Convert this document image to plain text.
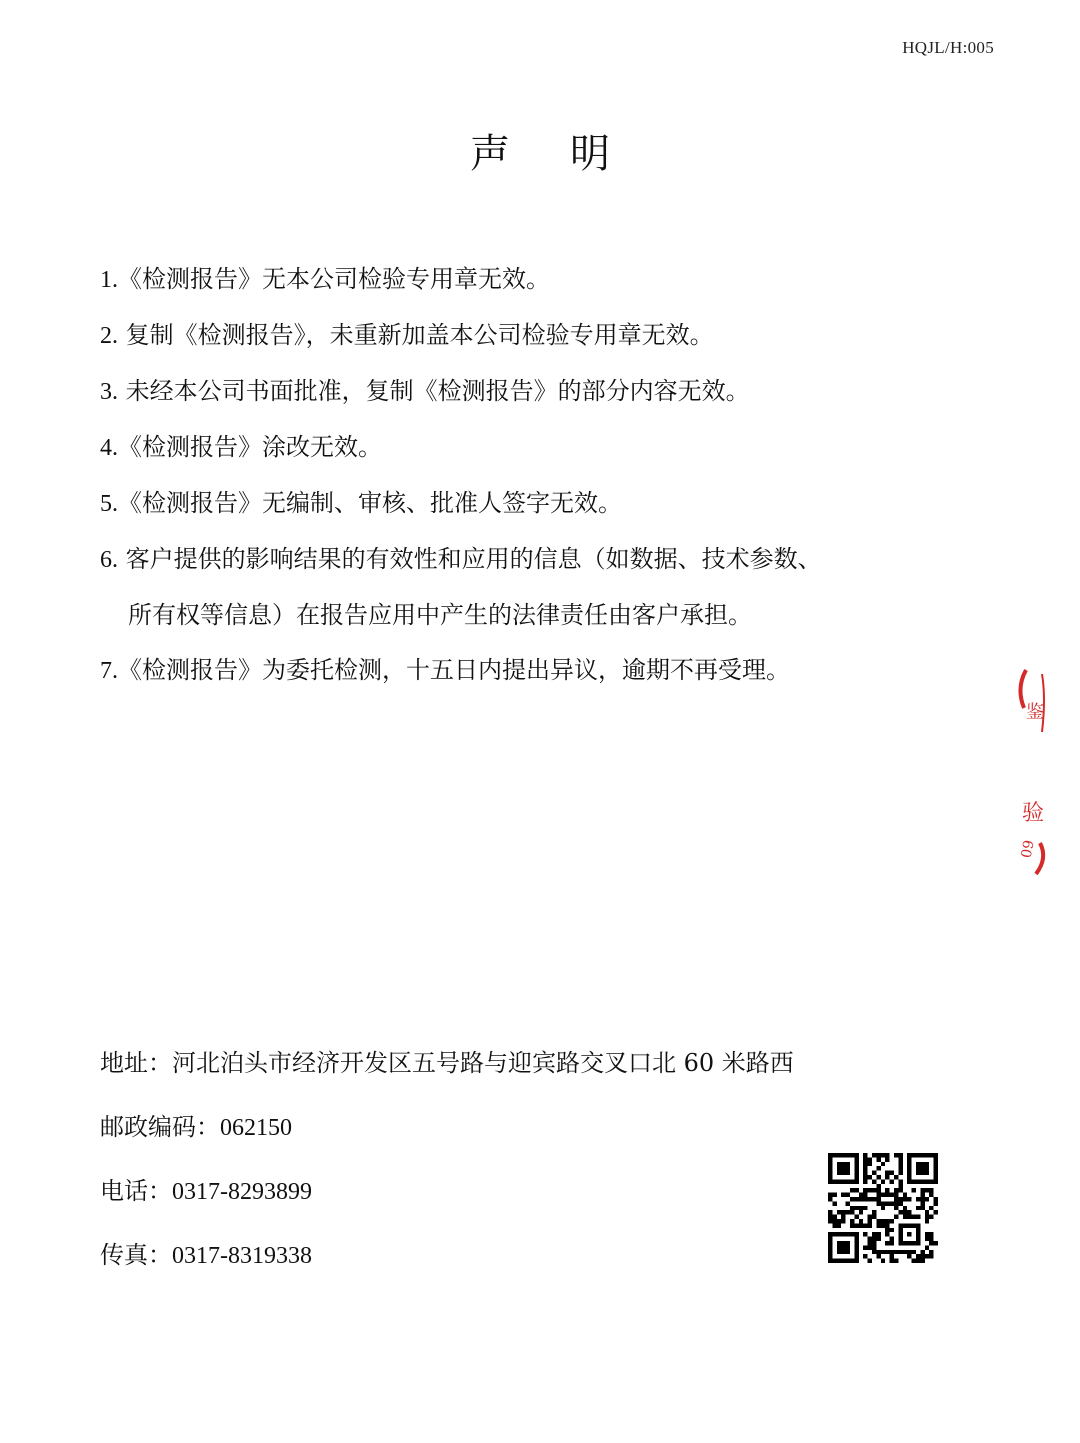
HQJL/H:005
声明
1.《检测报告》无本公司检验专用章无效。
2. 复制《检测报告》，未重新加盖本公司检验专用章无效。
3. 未经本公司书面批准，复制《检测报告》的部分内容无效。
4.《检测报告》涂改无效。
5.《检测报告》无编制、审核、批准人签字无效。
6. 客户提供的影响结果的有效性和应用的信息（如数据、技术参数、
所有权等信息）在报告应用中产生的法律责任由客户承担。
7.《检测报告》为委托检测，十五日内提出异议，逾期不再受理。
鉴
验
09
地址：河北泊头市经济开发区五号路与迎宾路交叉口北 60 米路西
邮政编码：062150
电话：0317-8293899
传真：0317-8319338
